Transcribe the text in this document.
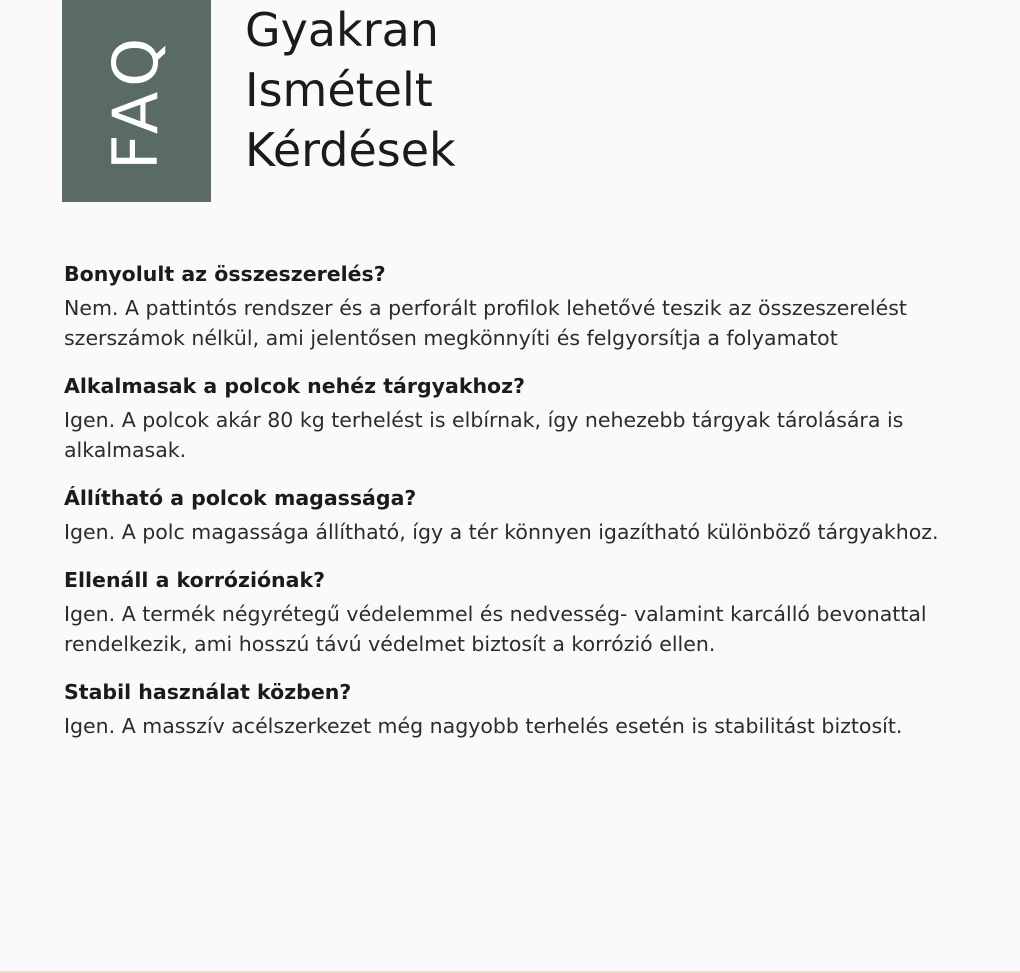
FAQ
Gyakran
Ismételt
Kérdések

Bonyolult az összeszerelés?

Nem. A pattintós rendszer és a perforált profilok lehetővé teszik az összeszerelést szerszámok nélkül, ami jelentősen megkönnyíti és felgyorsítja a folyamatot

Alkalmasak a polcok nehéz tárgyakhoz?

Igen. A polcok akár 80 kg terhelést is elbírnak, így nehezebb tárgyak tárolására is alkalmasak.

Állítható a polcok magassága?

Igen. A polc magassága állítható, így a tér könnyen igazítható különböző tárgyakhoz.

Ellenáll a korróziónak?

Igen. A termék négyrétegű védelemmel és nedvesség- valamint karcálló bevonattal rendelkezik, ami hosszú távú védelmet biztosít a korrózió ellen.

Stabil használat közben?

Igen. A masszív acélszerkezet még nagyobb terhelés esetén is stabilitást biztosít.
